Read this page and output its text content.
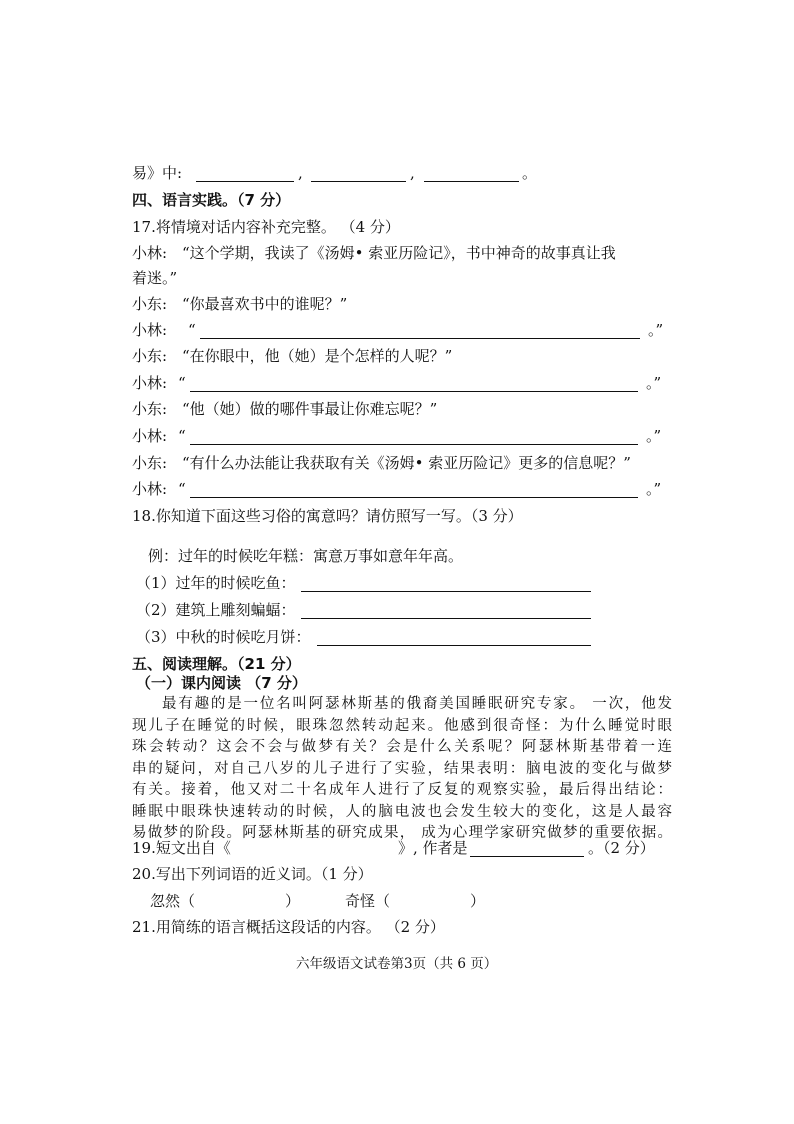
易》中:	,	,	。
四、语言实践。（7 分）
17.将情境对话内容补充完整。 （4 分）
小林: “这个学期，我读了《汤姆• 索亚历险记》，书中神奇的故事真让我
着迷。”
小东: “你最喜欢书中的谁呢？”
小林: “	。”
小东: “在你眼中，他（她）是个怎样的人呢？”
小林: “	。”
小东: “他（她）做的哪件事最让你难忘呢？”
小林: “	。”
小东: “有什么办法能让我获取有关《汤姆• 索亚历险记》更多的信息呢？”
小林: “	。”
18.你知道下面这些习俗的寓意吗？请仿照写一写。（3 分）
例：过年的时候吃年糕：寓意万事如意年年高。
（1）过年的时候吃鱼：
（2）建筑上雕刻蝙蝠：
（3）中秋的时候吃月饼：
五、阅读理解。（21 分）
（一）课内阅读 （7 分）
最有趣的是一位名叫阿瑟林斯基的俄裔美国睡眠研究专家。 一次，他发
现儿子在睡觉的时候，眼珠忽然转动起来。他感到很奇怪：为什么睡觉时眼
珠会转动？这会不会与做梦有关？会是什么关系呢？阿瑟林斯基带着一连
串的疑问，对自己八岁的儿子进行了实验，结果表明：脑电波的变化与做梦
有关。接着，他又对二十名成年人进行了反复的观察实验，最后得出结论：
睡眠中眼珠快速转动的时候，人的脑电波也会发生较大的变化，这是人最容
易做梦的阶段。阿瑟林斯基的研究成果， 成为心理学家研究做梦的重要依据。
19.短文出自《	》, 作者是	。（2 分）
20.写出下列词语的近义词。（1 分）
忽然（	）	奇怪（	）
21.用简练的语言概括这段话的内容。 （2 分）
六年级语文试卷第3页（共 6 页）
